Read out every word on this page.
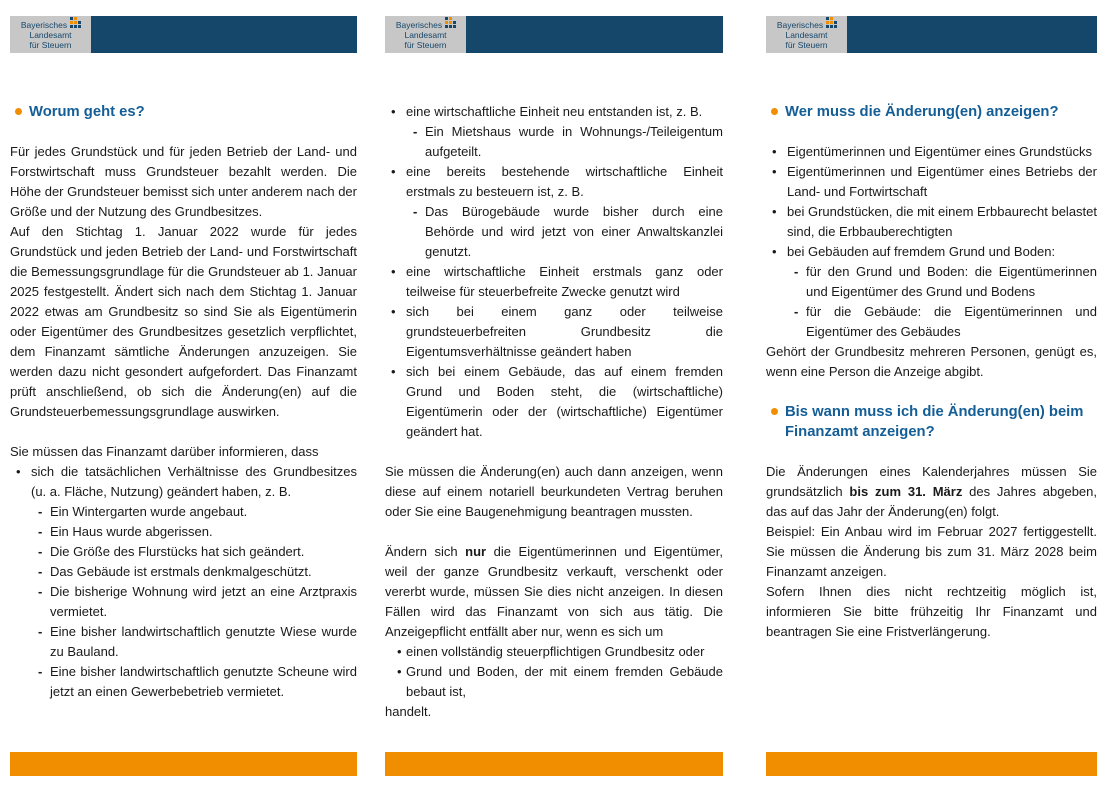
Bayerisches
Landesamt
für Steuern
Worum geht es?

Für jedes Grundstück und für jeden Betrieb der Land- und Forstwirtschaft muss Grundsteuer bezahlt werden. Die Höhe der Grundsteuer bemisst sich unter anderem nach der Größe und der Nutzung des Grundbesitzes.

Auf den Stichtag 1. Januar 2022 wurde für jedes Grundstück und jeden Betrieb der Land- und Forstwirtschaft die Bemessungsgrundlage für die Grundsteuer ab 1. Januar 2025 festgestellt. Ändert sich nach dem Stichtag 1. Januar 2022 etwas am Grundbesitz so sind Sie als Eigentümerin oder Eigentümer des Grundbesitzes gesetzlich verpflichtet, dem Finanzamt sämtliche Änderungen anzuzeigen. Sie werden dazu nicht gesondert aufgefordert. Das Finanzamt prüft anschließend, ob sich die Änderung(en) auf die Grundsteuerbemessungsgrundlage auswirken.

Sie müssen das Finanzamt darüber informieren, dass

• sich die tatsächlichen Verhältnisse des Grundbesitzes (u. a. Fläche, Nutzung) geändert haben, z. B.
- Ein Wintergarten wurde angebaut.
- Ein Haus wurde abgerissen.
- Die Größe des Flurstücks hat sich geändert.
- Das Gebäude ist erstmals denkmalgeschützt.
- Die bisherige Wohnung wird jetzt an eine Arztpraxis vermietet.
- Eine bisher landwirtschaftlich genutzte Wiese wurde zu Bauland.
- Eine bisher landwirtschaftlich genutzte Scheune wird jetzt an einen Gewerbebetrieb vermietet.
Bayerisches
Landesamt
für Steuern
• eine wirtschaftliche Einheit neu entstanden ist, z. B.
- Ein Mietshaus wurde in Wohnungs-/Teileigentum aufgeteilt.
• eine bereits bestehende wirtschaftliche Einheit erstmals zu besteuern ist, z. B.
- Das Bürogebäude wurde bisher durch eine Behörde und wird jetzt von einer Anwaltskanzlei genutzt.
• eine wirtschaftliche Einheit erstmals ganz oder teilweise für steuerbefreite Zwecke genutzt wird
• sich bei einem ganz oder teilweise grundsteuerbefreiten Grundbesitz die Eigentumsverhältnisse geändert haben
• sich bei einem Gebäude, das auf einem fremden Grund und Boden steht, die (wirtschaftliche) Eigentümerin oder der (wirtschaftliche) Eigentümer geändert hat.

Sie müssen die Änderung(en) auch dann anzeigen, wenn diese auf einem notariell beurkundeten Vertrag beruhen oder Sie eine Baugenehmigung beantragen mussten.

Ändern sich nur die Eigentümerinnen und Eigentümer, weil der ganze Grundbesitz verkauft, verschenkt oder vererbt wurde, müssen Sie dies nicht anzeigen. In diesen Fällen wird das Finanzamt von sich aus tätig. Die Anzeigepflicht entfällt aber nur, wenn es sich um

• einen vollständig steuerpflichtigen Grundbesitz oder
• Grund und Boden, der mit einem fremden Gebäude bebaut ist,

handelt.

Bayerisches
Landesamt
für Steuern
Wer muss die Änderung(en) anzeigen?
• Eigentümerinnen und Eigentümer eines Grundstücks
• Eigentümerinnen und Eigentümer eines Betriebs der Land- und Fortwirtschaft
• bei Grundstücken, die mit einem Erbbaurecht belastet sind, die Erbbauberechtigten
• bei Gebäuden auf fremdem Grund und Boden:
- für den Grund und Boden: die Eigentümerinnen und Eigentümer des Grund und Bodens
- für die Gebäude: die Eigentümerinnen und Eigentümer des Gebäudes

Gehört der Grundbesitz mehreren Personen, genügt es, wenn eine Person die Anzeige abgibt.

Bis wann muss ich die Änderung(en) beim Finanzamt anzeigen?

Die Änderungen eines Kalenderjahres müssen Sie grundsätzlich bis zum 31. März des Jahres abgeben, das auf das Jahr der Änderung(en) folgt.

Beispiel: Ein Anbau wird im Februar 2027 fertiggestellt. Sie müssen die Änderung bis zum 31. März 2028 beim Finanzamt anzeigen.

Sofern Ihnen dies nicht rechtzeitig möglich ist, informieren Sie bitte frühzeitig Ihr Finanzamt und beantragen Sie eine Fristverlängerung.
